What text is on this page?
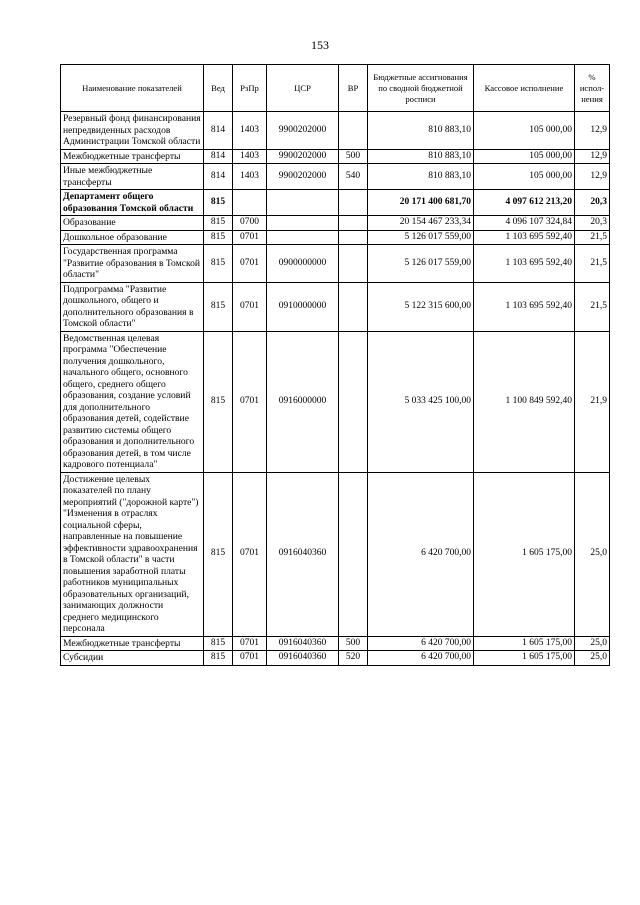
153
Наименование показателей	Вед	РзПр	ЦСР	ВР	Бюджетные ассигнования по сводной бюджетной росписи	Кассовое исполнение	% испол-нения
Резервный фонд финансирования непредвиденных расходов Администрации Томской области	814	1403	9900202000		810 883,10	105 000,00	12,9
Межбюджетные трансферты	814	1403	9900202000	500	810 883,10	105 000,00	12,9
Иные межбюджетные трансферты	814	1403	9900202000	540	810 883,10	105 000,00	12,9
Департамент общего образования Томской области	815				20 171 400 681,70	4 097 612 213,20	20,3
Образование	815	0700			20 154 467 233,34	4 096 107 324,84	20,3
Дошкольное образование	815	0701			5 126 017 559,00	1 103 695 592,40	21,5
Государственная программа "Развитие образования в Томской области"	815	0701	0900000000		5 126 017 559,00	1 103 695 592,40	21,5
Подпрограмма "Развитие дошкольного, общего и дополнительного образования в Томской области"	815	0701	0910000000		5 122 315 600,00	1 103 695 592,40	21,5
Ведомственная целевая программа "Обеспечение получения дошкольного, начального общего, основного общего, среднего общего образования, создание условий для дополнительного образования детей, содействие развитию системы общего образования и дополнительного образования детей, в том числе кадрового потенциала"	815	0701	0916000000		5 033 425 100,00	1 100 849 592,40	21,9
Достижение целевых показателей по плану мероприятий ("дорожной карте") "Изменения в отраслях социальной сферы, направленные на повышение эффективности здравоохранения в Томской области" в части повышения заработной платы работников муниципальных образовательных организаций, занимающих должности среднего медицинского персонала	815	0701	0916040360		6 420 700,00	1 605 175,00	25,0
Межбюджетные трансферты	815	0701	0916040360	500	6 420 700,00	1 605 175,00	25,0
Субсидии	815	0701	0916040360	520	6 420 700,00	1 605 175,00	25,0
